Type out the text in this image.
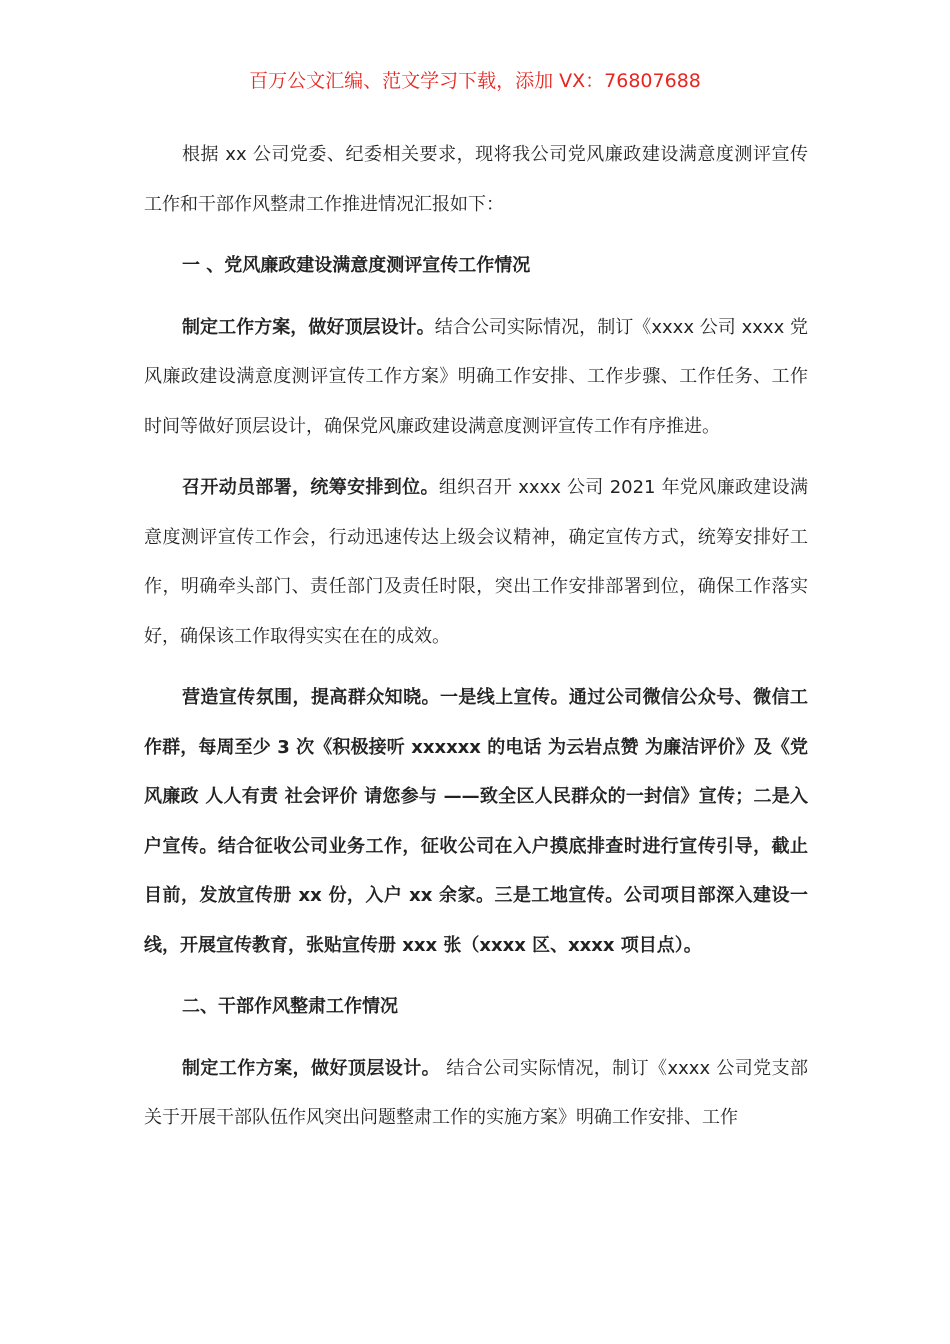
百万公文汇编、范文学习下载，添加 VX：76807688

根据 xx 公司党委、纪委相关要求，现将我公司党风廉政建设满意度测评宣传工作和干部作风整肃工作推进情况汇报如下：

一 、党风廉政建设满意度测评宣传工作情况

制定工作方案，做好顶层设计。结合公司实际情况，制订《xxxx 公司 xxxx 党风廉政建设满意度测评宣传工作方案》明确工作安排、工作步骤、工作任务、工作时间等做好顶层设计，确保党风廉政建设满意度测评宣传工作有序推进。

召开动员部署，统筹安排到位。组织召开 xxxx 公司 2021 年党风廉政建设满意度测评宣传工作会，行动迅速传达上级会议精神，确定宣传方式，统筹安排好工作，明确牵头部门、责任部门及责任时限，突出工作安排部署到位，确保工作落实好，确保该工作取得实实在在的成效。

营造宣传氛围，提高群众知晓。一是线上宣传。通过公司微信公众号、微信工作群，每周至少 3 次《积极接听 xxxxxx 的电话 为云岩点赞 为廉洁评价》及《党风廉政 人人有责 社会评价 请您参与 ——致全区人民群众的一封信》宣传；二是入户宣传。结合征收公司业务工作，征收公司在入户摸底排查时进行宣传引导，截止目前，发放宣传册 xx 份，入户 xx 余家。三是工地宣传。公司项目部深入建设一线，开展宣传教育，张贴宣传册 xxx 张（xxxx 区、xxxx 项目点）。

二、干部作风整肃工作情况

制定工作方案，做好顶层设计。 结合公司实际情况，制订《xxxx 公司党支部关于开展干部队伍作风突出问题整肃工作的实施方案》明确工作安排、工作
